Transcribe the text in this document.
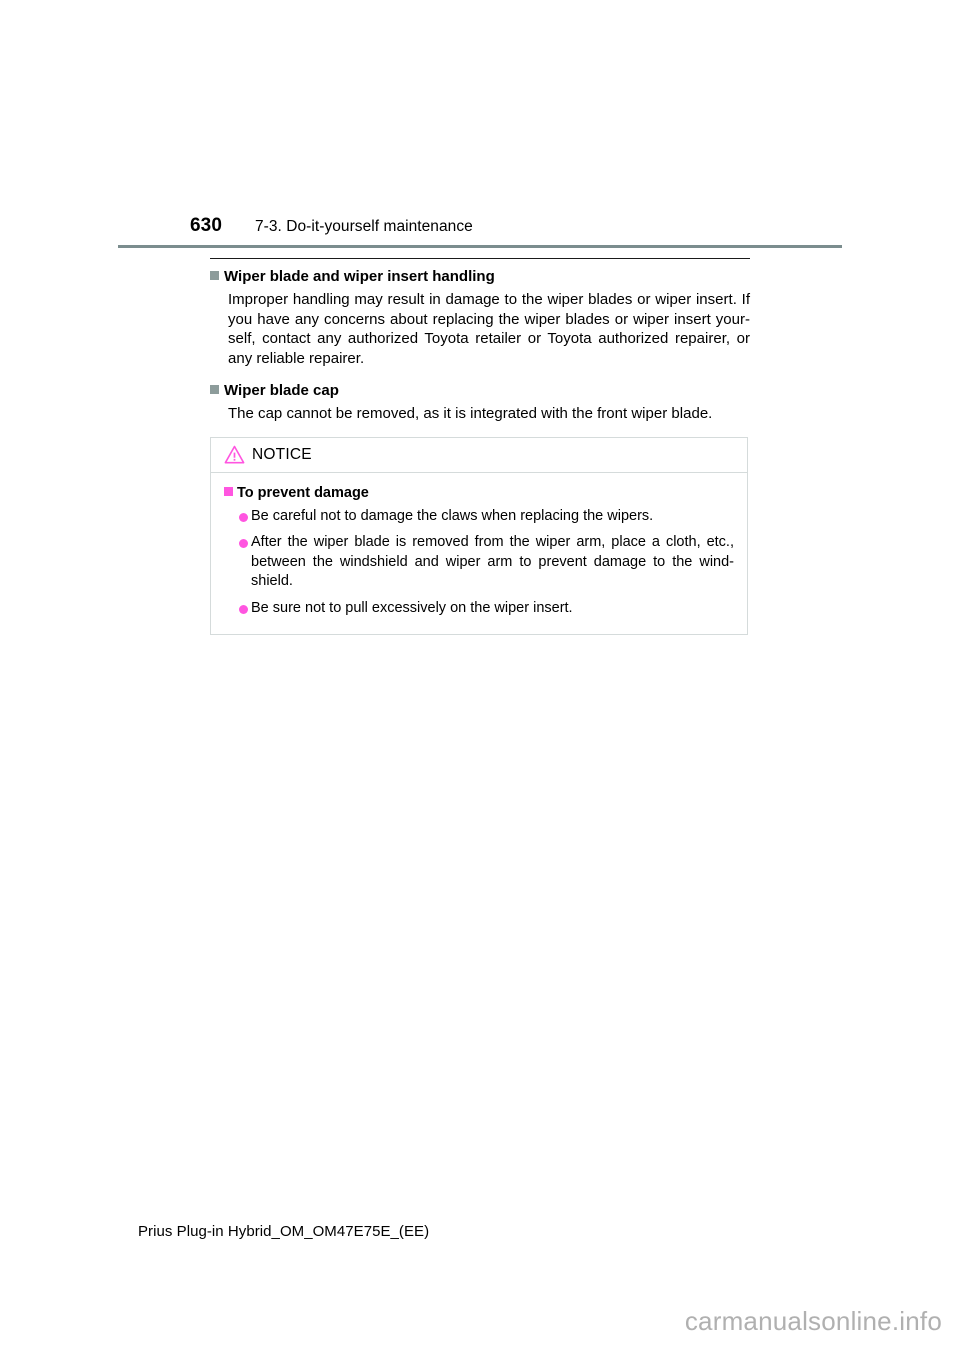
630 7-3. Do-it-yourself maintenance
Wiper blade and wiper insert handling

Improper handling may result in damage to the wiper blades or wiper insert. If you have any concerns about replacing the wiper blades or wiper insert your-self, contact any authorized Toyota retailer or Toyota authorized repairer, or any reliable repairer.

Wiper blade cap

The cap cannot be removed, as it is integrated with the front wiper blade.

NOTICE
To prevent damage
Be careful not to damage the claws when replacing the wipers.
After the wiper blade is removed from the wiper arm, place a cloth, etc., between the windshield and wiper arm to prevent damage to the wind-shield.
Be sure not to pull excessively on the wiper insert.
Prius Plug-in Hybrid_OM_OM47E75E_(EE)
carmanualsonline.info
